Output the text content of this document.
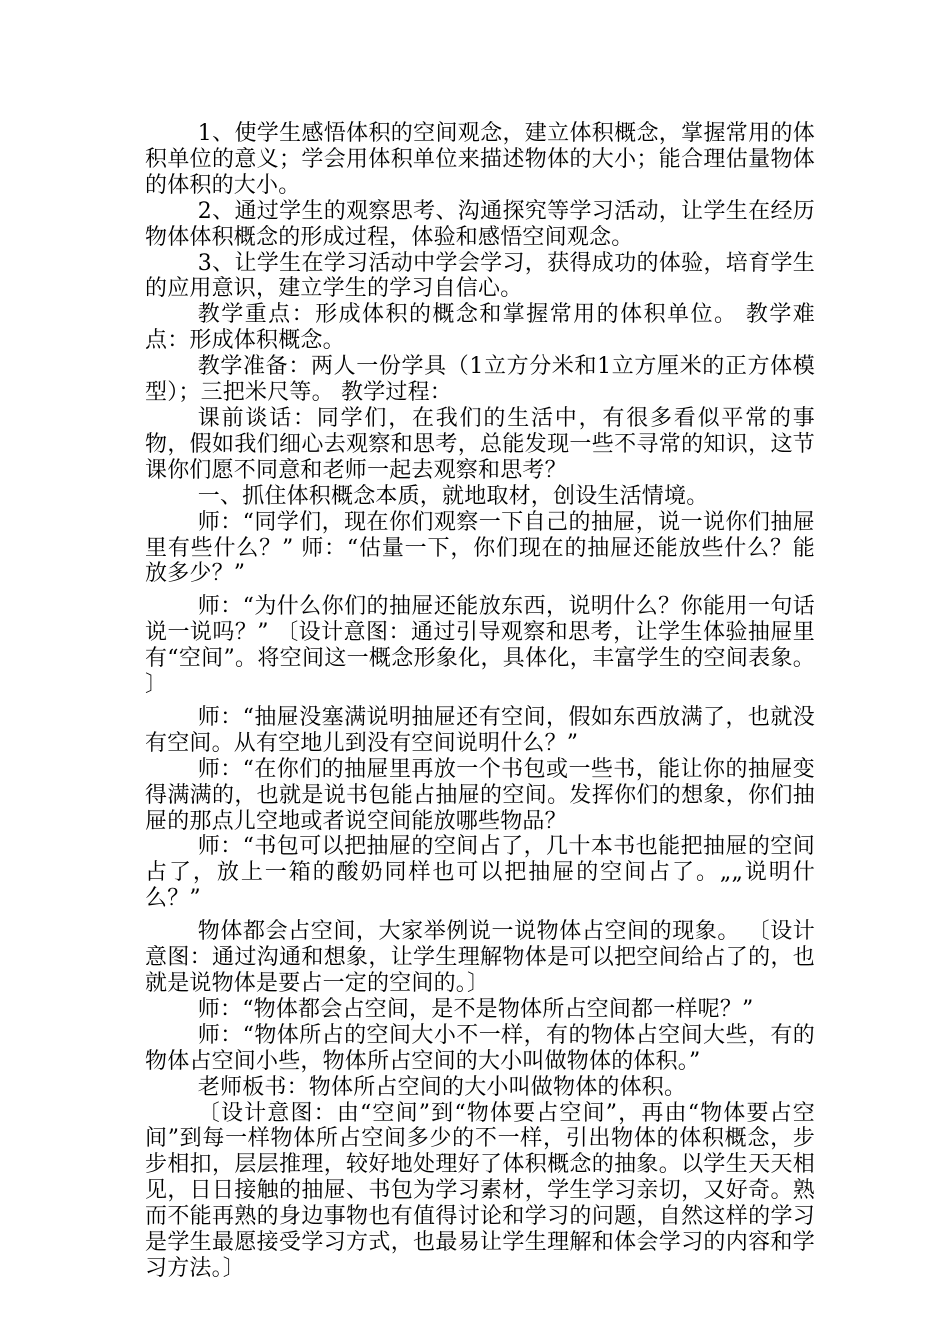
1、使学生感悟体积的空间观念，建立体积概念，掌握常用的体积单位的意义；学会用体积单位来描述物体的大小；能合理估量物体的体积的大小。

2、通过学生的观察思考、沟通探究等学习活动，让学生在经历物体体积概念的形成过程，体验和感悟空间观念。

3、让学生在学习活动中学会学习，获得成功的体验，培育学生的应用意识，建立学生的学习自信心。

教学重点：形成体积的概念和掌握常用的体积单位。 教学难点：形成体积概念。

教学准备：两人一份学具（1立方分米和1立方厘米的正方体模型）；三把米尺等。 教学过程：

课前谈话：同学们，在我们的生活中，有很多看似平常的事物，假如我们细心去观察和思考，总能发现一些不寻常的知识，这节课你们愿不同意和老师一起去观察和思考？

一、抓住体积概念本质，就地取材，创设生活情境。

师：“同学们，现在你们观察一下自己的抽屉，说一说你们抽屉里有些什么？” 师：“估量一下，你们现在的抽屉还能放些什么？能放多少？”

师：“为什么你们的抽屉还能放东西，说明什么？你能用一句话说一说吗？” 〔设计意图：通过引导观察和思考，让学生体验抽屉里有“空间”。将空间这一概念形象化，具体化，丰富学生的空间表象。 〕

师：“抽屉没塞满说明抽屉还有空间，假如东西放满了，也就没有空间。从有空地儿到没有空间说明什么？”

师：“在你们的抽屉里再放一个书包或一些书，能让你的抽屉变得满满的，也就是说书包能占抽屉的空间。发挥你们的想象，你们抽屉的那点儿空地或者说空间能放哪些物品？

师：“书包可以把抽屉的空间占了，几十本书也能把抽屉的空间占了，放上一箱的酸奶同样也可以把抽屉的空间占了。„„说明什么？”

物体都会占空间，大家举例说一说物体占空间的现象。 〔设计意图：通过沟通和想象，让学生理解物体是可以把空间给占了的，也就是说物体是要占一定的空间的。〕

师：“物体都会占空间，是不是物体所占空间都一样呢？”

师：“物体所占的空间大小不一样，有的物体占空间大些，有的物体占空间小些，物体所占空间的大小叫做物体的体积。”

老师板书：物体所占空间的大小叫做物体的体积。

〔设计意图：由“空间”到“物体要占空间”，再由“物体要占空间”到每一样物体所占空间多少的不一样，引出物体的体积概念，步步相扣，层层推理，较好地处理好了体积概念的抽象。以学生天天相见，日日接触的抽屉、书包为学习素材，学生学习亲切，又好奇。熟而不能再熟的身边事物也有值得讨论和学习的问题，自然这样的学习是学生最愿接受学习方式，也最易让学生理解和体会学习的内容和学习方法。〕
